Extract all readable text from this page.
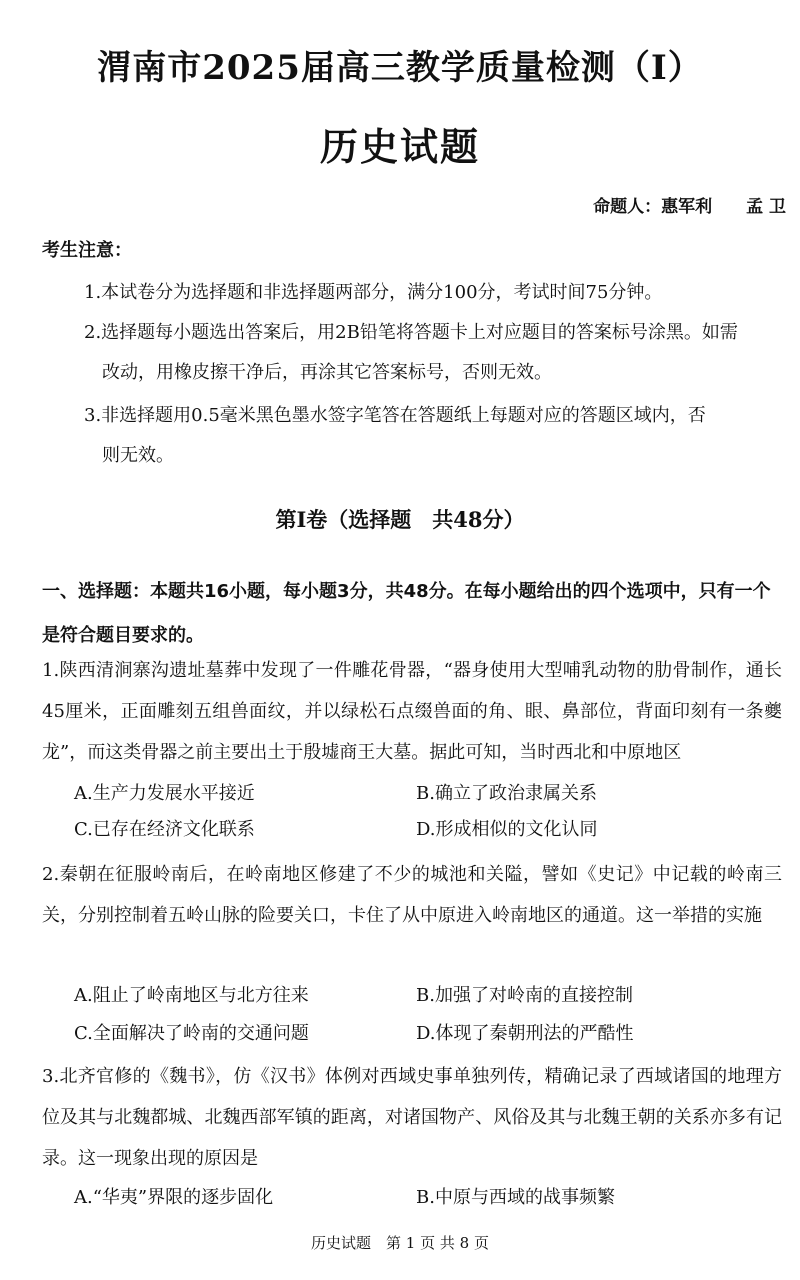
渭南市2025届高三教学质量检测（Ⅰ）
历史试题
命题人：惠军利 孟 卫
考生注意：
1.本试卷分为选择题和非选择题两部分，满分100分，考试时间75分钟。
2.选择题每小题选出答案后，用2B铅笔将答题卡上对应题目的答案标号涂黑。如需
改动，用橡皮擦干净后，再涂其它答案标号，否则无效。
3.非选择题用0.5毫米黑色墨水签字笔答在答题纸上每题对应的答题区域内，否
则无效。
第Ⅰ卷（选择题　共48分）
一、选择题：本题共16小题，每小题3分，共48分。在每小题给出的四个选项中，只有一个是符合题目要求的。
1.陕西清涧寨沟遗址墓葬中发现了一件雕花骨器，“器身使用大型哺乳动物的肋骨制作，通长45厘米，正面雕刻五组兽面纹，并以绿松石点缀兽面的角、眼、鼻部位，背面印刻有一条夔龙”，而这类骨器之前主要出土于殷墟商王大墓。据此可知，当时西北和中原地区
A.生产力发展水平接近	B.确立了政治隶属关系
C.已存在经济文化联系	D.形成相似的文化认同
2.秦朝在征服岭南后，在岭南地区修建了不少的城池和关隘，譬如《史记》中记载的岭南三关，分别控制着五岭山脉的险要关口，卡住了从中原进入岭南地区的通道。这一举措的实施
A.阻止了岭南地区与北方往来	B.加强了对岭南的直接控制
C.全面解决了岭南的交通问题	D.体现了秦朝刑法的严酷性
3.北齐官修的《魏书》，仿《汉书》体例对西域史事单独列传，精确记录了西域诸国的地理方位及其与北魏都城、北魏西部军镇的距离，对诸国物产、风俗及其与北魏王朝的关系亦多有记录。这一现象出现的原因是
A.“华夷”界限的逐步固化	B.中原与西域的战事频繁
历史试题　第 1 页 共 8 页
